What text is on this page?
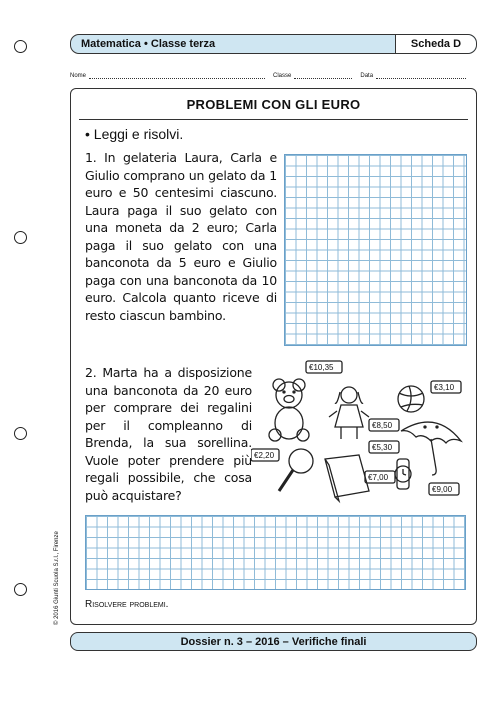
Matematica • Classe terza	Scheda D
Nome	Classe	Data
PROBLEMI CON GLI EURO
• Leggi e risolvi.
1. In gelateria Laura, Carla e Giulio comprano un gelato da 1 euro e 50 centesimi ciascuno. Laura paga il suo gelato con una moneta da 2 euro; Carla paga il suo gelato con una banconota da 5 euro e Giulio paga con una banconota da 10 euro. Calcola quanto riceve di resto ciascun bambino.
2. Marta ha a disposizione una banconota da 20 euro per comprare dei regalini per il compleanno di Brenda, la sua sorellina. Vuole poter prendere più regali possibile, che cosa può acquistare?
€10,35
€3,10
€8,50
€5,30
€2,20
€7,00
€9,00
Risolvere problemi.
© 2016 Giunti Scuola S.r.l., Firenze
Dossier n. 3 – 2016 – Verifiche finali
